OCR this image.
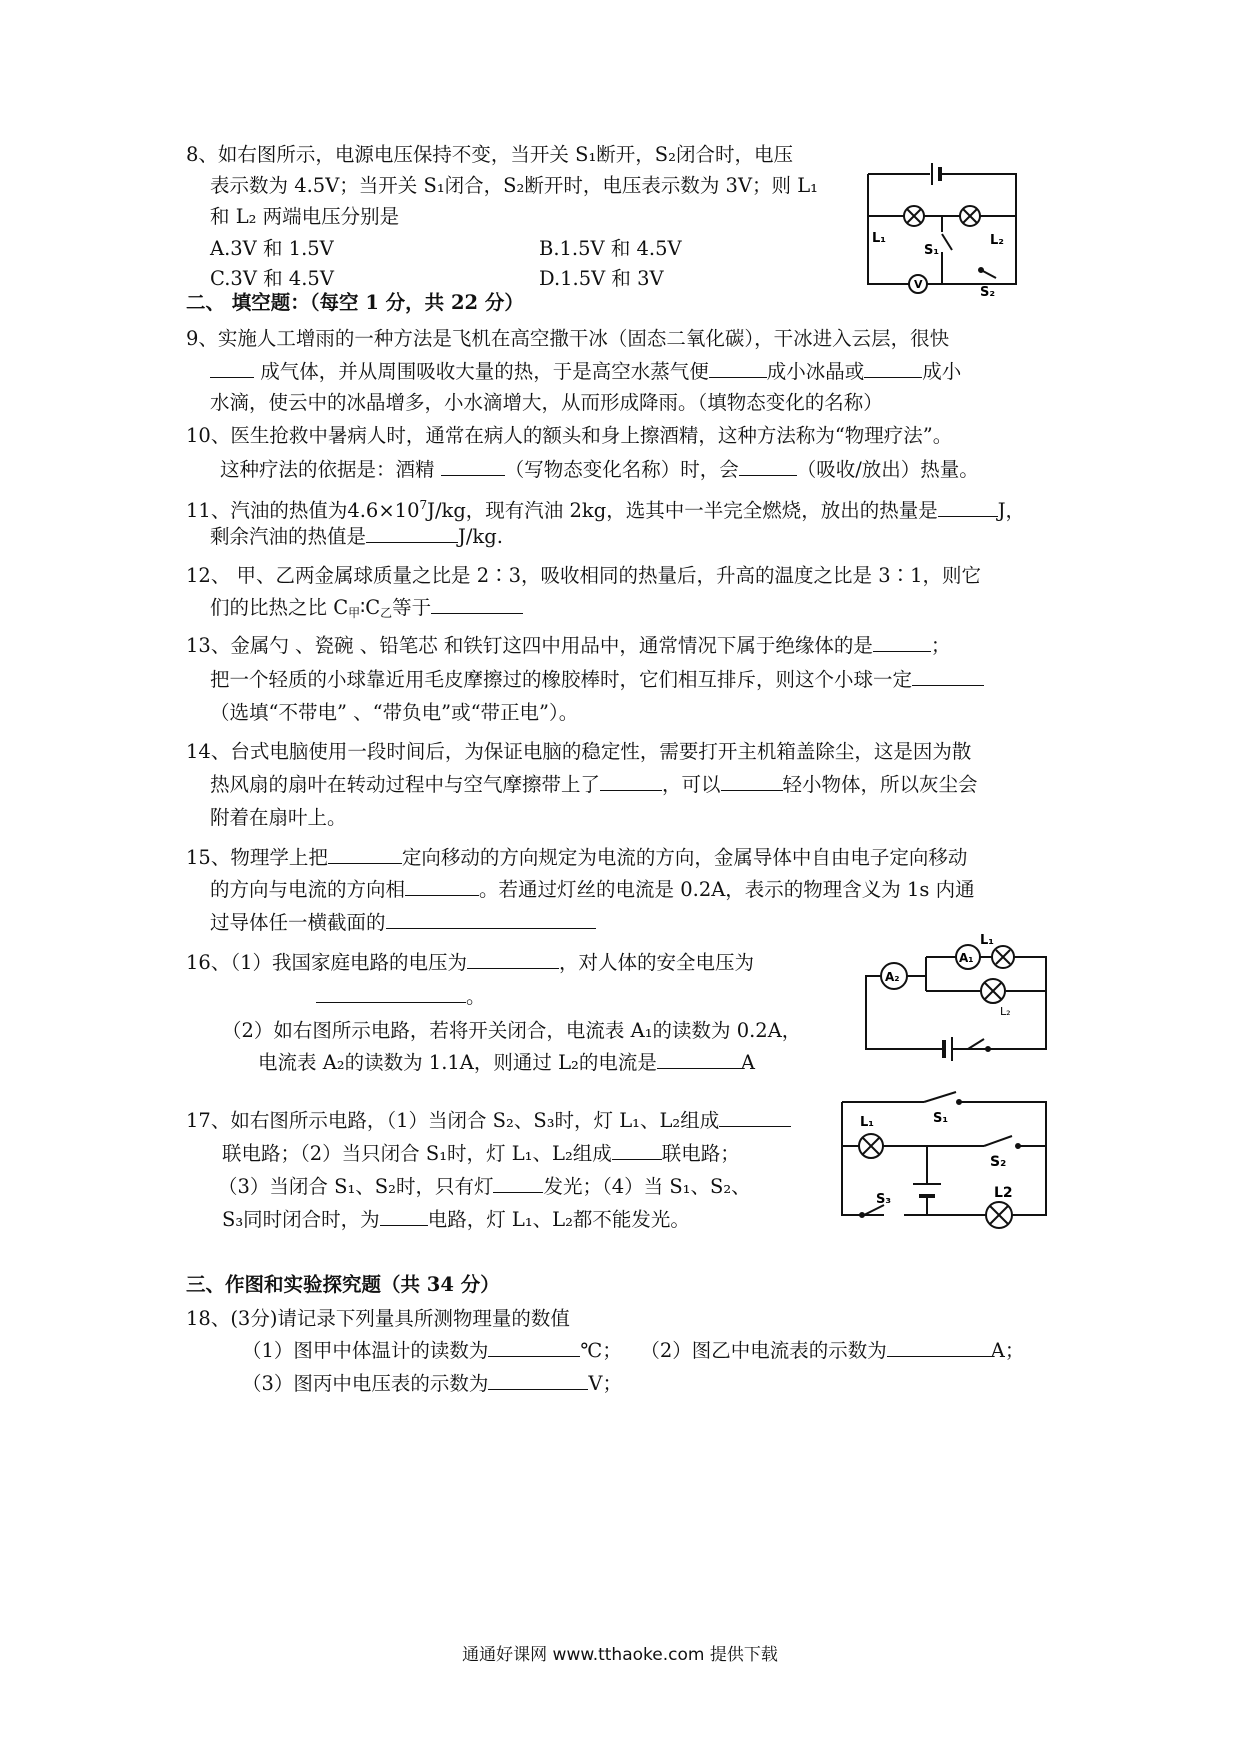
8、如右图所示，电源电压保持不变，当开关 S₁断开，S₂闭合时，电压
表示数为 4.5V；当开关 S₁闭合，S₂断开时，电压表示数为 3V；则 L₁
和 L₂ 两端电压分别是
A.3V 和 1.5V	B.1.5V 和 4.5V
C.3V 和 4.5V	D.1.5V 和 3V
L₁	L₂
S₁
S₂
V
二、 填空题：（每空 1 分，共 22 分）
9、实施人工增雨的一种方法是飞机在高空撒干冰（固态二氧化碳），干冰进入云层，很快
成气体，并从周围吸收大量的热，于是高空水蒸气便	成小冰晶或	成小
水滴，使云中的冰晶增多，小水滴增大，从而形成降雨。（填物态变化的名称）
10、医生抢救中暑病人时，通常在病人的额头和身上擦酒精，这种方法称为“物理疗法”。
这种疗法的依据是：酒精	（写物态变化名称）时，会	（吸收/放出）热量。
11、汽油的热值为$4.6\times 10^7J/kg$，现有汽油 2kg，选其中一半完全燃烧，放出的热量是	J，
剩余汽油的热值是	J/kg.
12、 甲、乙两金属球质量之比是 2∶3，吸收相同的热量后，升高的温度之比是 3∶1，则它
们的比热之比 $C_甲∶C_乙$等于
13、金属勺 、瓷碗 、铅笔芯 和铁钉这四中用品中，通常情况下属于绝缘体的是	；
把一个轻质的小球靠近用毛皮摩擦过的橡胶棒时，它们相互排斥，则这个小球一定
（选填“不带电” 、“带负电”或“带正电”）。
14、台式电脑使用一段时间后，为保证电脑的稳定性，需要打开主机箱盖除尘，这是因为散
热风扇的扇叶在转动过程中与空气摩擦带上了	，可以	轻小物体，所以灰尘会
附着在扇叶上。
15、物理学上把	定向移动的方向规定为电流的方向，金属导体中自由电子定向移动
的方向与电流的方向相	。若通过灯丝的电流是 0.2A，表示的物理含义为 1s 内通
过导体任一横截面的
16、（1）我国家庭电路的电压为	，对人体的安全电压为
。
（2）如右图所示电路，若将开关闭合，电流表 A₁的读数为 0.2A，
电流表 A₂的读数为 1.1A，则通过 L₂的电流是	A
A₂
A₁
L₁
L₂
17、如右图所示电路，（1）当闭合 S₂、S₃时，灯 L₁、L₂组成
联电路；（2）当只闭合 S₁时，灯 L₁、L₂组成	联电路；
（3）当闭合 S₁、S₂时，只有灯	发光；（4）当 S₁、S₂、
S₃同时闭合时，为 电路，灯 L₁、L₂都不能发光。
L₁	S₁
S₂
S₃	L2
三、作图和实验探究题（共 34 分）
18、(3分)请记录下列量具所测物理量的数值
（1）图甲中体温计的读数为	℃； （2）图乙中电流表的示数为	A；
（3）图丙中电压表的示数为	V；
通通好课网 www.tthaoke.com 提供下载
